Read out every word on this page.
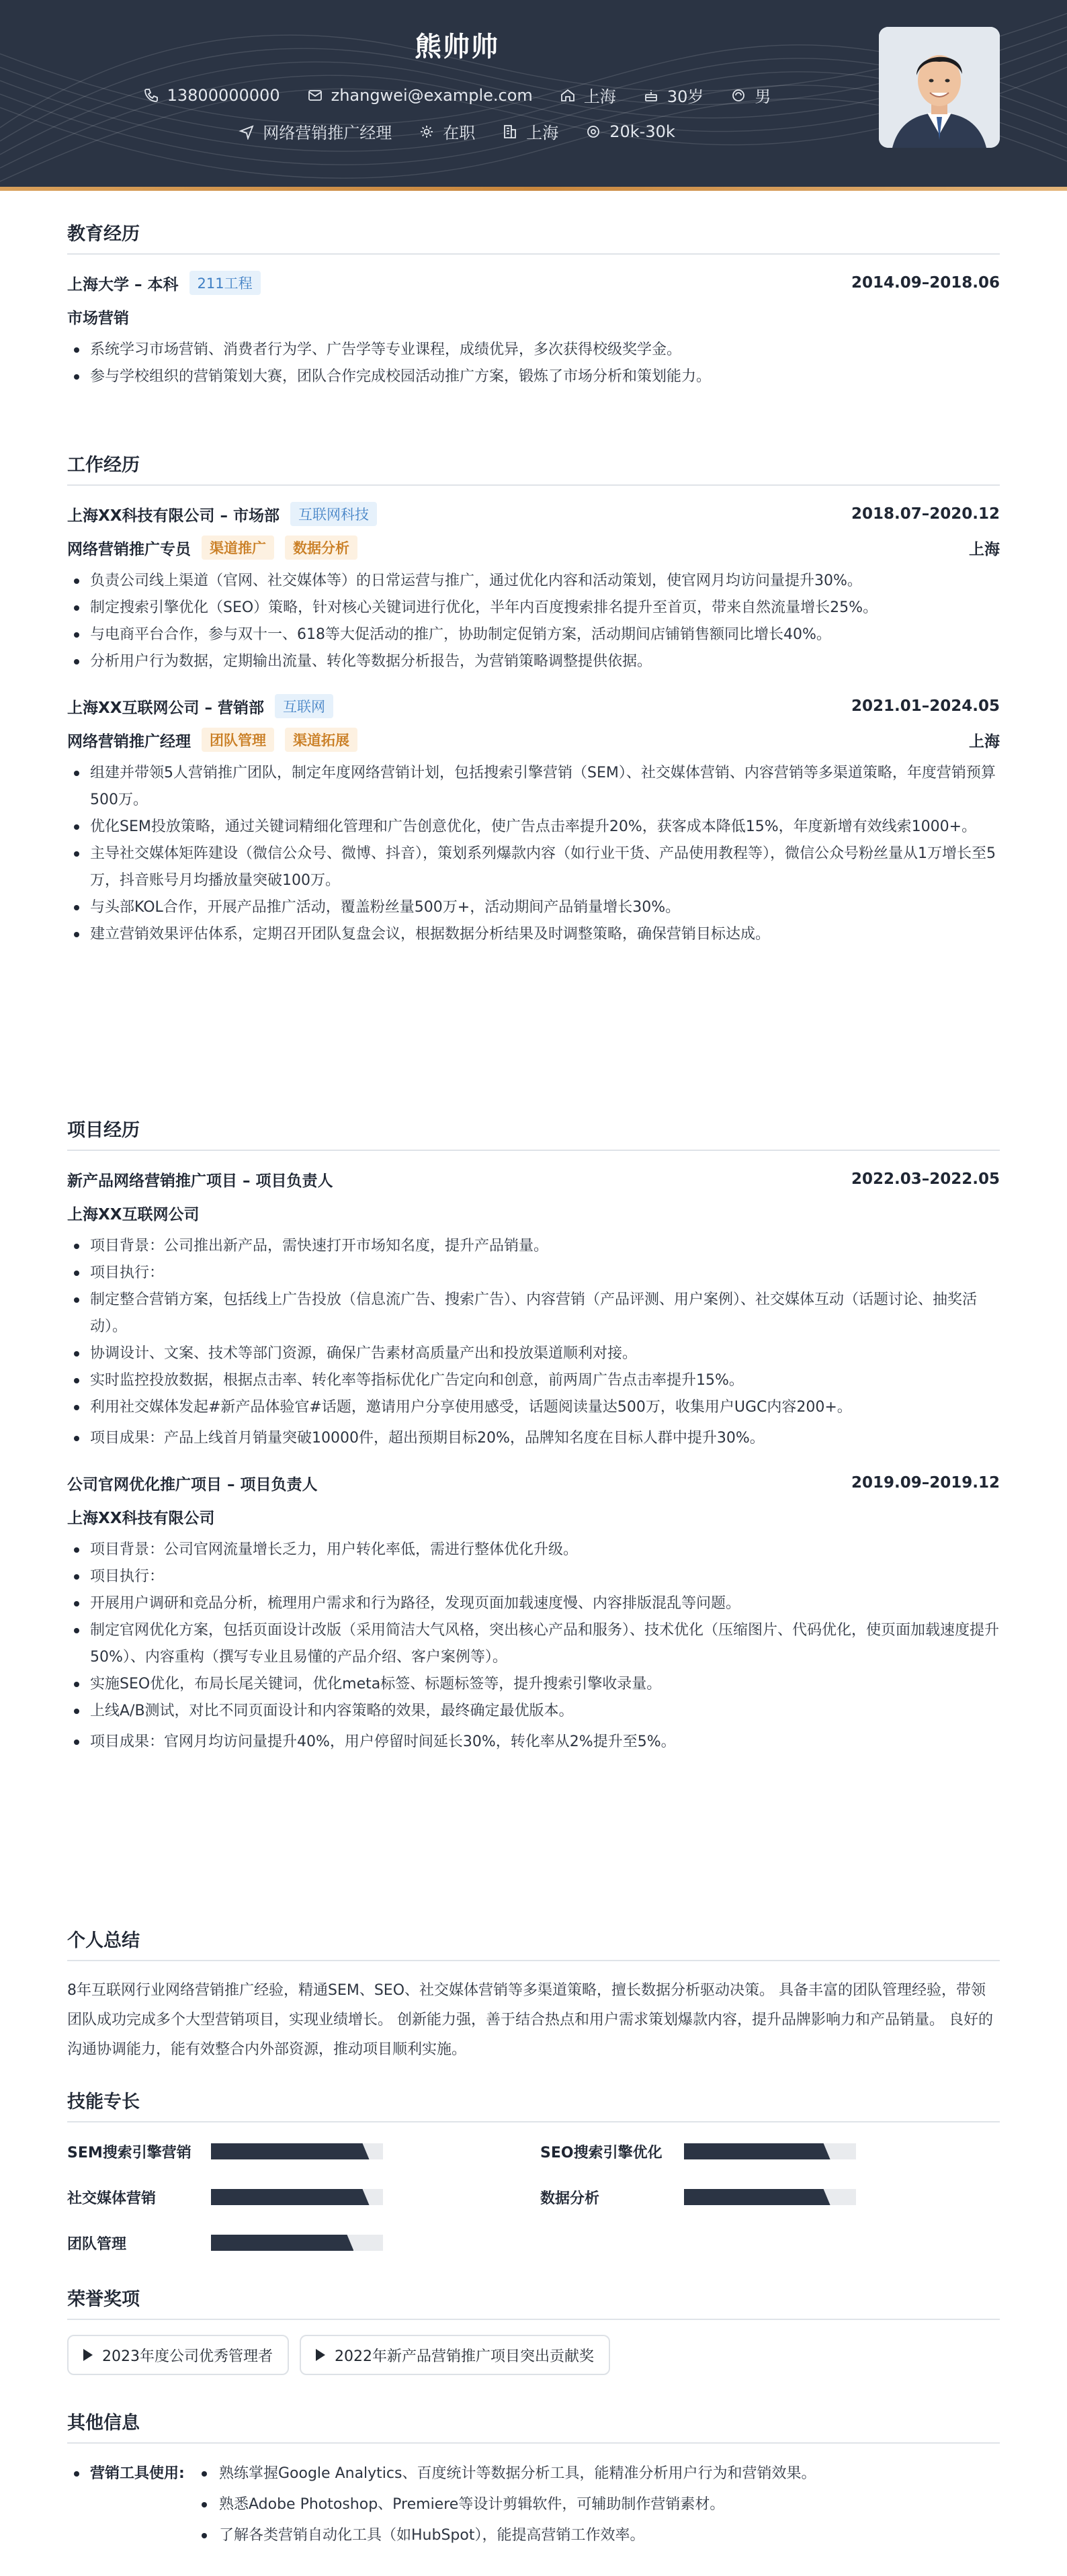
熊帅帅
13800000000	zhangwei@example.com	上海	30岁	男
网络营销推广经理	在职	上海	20k-30k
教育经历
上海大学 – 本科	211工程	2014.09–2018.06
市场营销
系统学习市场营销、消费者行为学、广告学等专业课程，成绩优异，多次获得校级奖学金。
参与学校组织的营销策划大赛，团队合作完成校园活动推广方案，锻炼了市场分析和策划能力。
工作经历
上海XX科技有限公司 – 市场部	互联网科技	2018.07–2020.12
网络营销推广专员	渠道推广	数据分析	上海
负责公司线上渠道（官网、社交媒体等）的日常运营与推广，通过优化内容和活动策划，使官网月均访问量提升30%。
制定搜索引擎优化（SEO）策略，针对核心关键词进行优化，半年内百度搜索排名提升至首页，带来自然流量增长25%。
与电商平台合作，参与双十一、618等大促活动的推广，协助制定促销方案，活动期间店铺销售额同比增长40%。
分析用户行为数据，定期输出流量、转化等数据分析报告，为营销策略调整提供依据。
上海XX互联网公司 – 营销部	互联网	2021.01–2024.05
网络营销推广经理	团队管理	渠道拓展	上海
组建并带领5人营销推广团队，制定年度网络营销计划，包括搜索引擎营销（SEM）、社交媒体营销、内容营销等多渠道策略，年度营销预算500万。
优化SEM投放策略，通过关键词精细化管理和广告创意优化，使广告点击率提升20%，获客成本降低15%，年度新增有效线索1000+。
主导社交媒体矩阵建设（微信公众号、微博、抖音），策划系列爆款内容（如行业干货、产品使用教程等），微信公众号粉丝量从1万增长至5万，抖音账号月均播放量突破100万。
与头部KOL合作，开展产品推广活动，覆盖粉丝量500万+，活动期间产品销量增长30%。
建立营销效果评估体系，定期召开团队复盘会议，根据数据分析结果及时调整策略，确保营销目标达成。
项目经历
新产品网络营销推广项目 – 项目负责人	2022.03–2022.05
上海XX互联网公司
项目背景：公司推出新产品，需快速打开市场知名度，提升产品销量。
项目执行：
制定整合营销方案，包括线上广告投放（信息流广告、搜索广告）、内容营销（产品评测、用户案例）、社交媒体互动（话题讨论、抽奖活动）。
协调设计、文案、技术等部门资源，确保广告素材高质量产出和投放渠道顺利对接。
实时监控投放数据，根据点击率、转化率等指标优化广告定向和创意，前两周广告点击率提升15%。
利用社交媒体发起#新产品体验官#话题，邀请用户分享使用感受，话题阅读量达500万，收集用户UGC内容200+。
项目成果：产品上线首月销量突破10000件，超出预期目标20%，品牌知名度在目标人群中提升30%。
公司官网优化推广项目 – 项目负责人	2019.09–2019.12
上海XX科技有限公司
项目背景：公司官网流量增长乏力，用户转化率低，需进行整体优化升级。
项目执行：
开展用户调研和竞品分析，梳理用户需求和行为路径，发现页面加载速度慢、内容排版混乱等问题。
制定官网优化方案，包括页面设计改版（采用简洁大气风格，突出核心产品和服务）、技术优化（压缩图片、代码优化，使页面加载速度提升50%）、内容重构（撰写专业且易懂的产品介绍、客户案例等）。
实施SEO优化，布局长尾关键词，优化meta标签、标题标签等，提升搜索引擎收录量。
上线A/B测试，对比不同页面设计和内容策略的效果，最终确定最优版本。
项目成果：官网月均访问量提升40%，用户停留时间延长30%，转化率从2%提升至5%。
个人总结
8年互联网行业网络营销推广经验，精通SEM、SEO、社交媒体营销等多渠道策略，擅长数据分析驱动决策。 具备丰富的团队管理经验，带领团队成功完成多个大型营销项目，实现业绩增长。 创新能力强，善于结合热点和用户需求策划爆款内容，提升品牌影响力和产品销量。 良好的沟通协调能力，能有效整合内外部资源，推动项目顺利实施。
技能专长
SEM搜索引擎营销	SEO搜索引擎优化
社交媒体营销	数据分析
团队管理
荣誉奖项
2023年度公司优秀管理者	2022年新产品营销推广项目突出贡献奖
其他信息
营销工具使用:	熟练掌握Google Analytics、百度统计等数据分析工具，能精准分析用户行为和营销效果。
熟悉Adobe Photoshop、Premiere等设计剪辑软件，可辅助制作营销素材。
了解各类营销自动化工具（如HubSpot），能提高营销工作效率。
